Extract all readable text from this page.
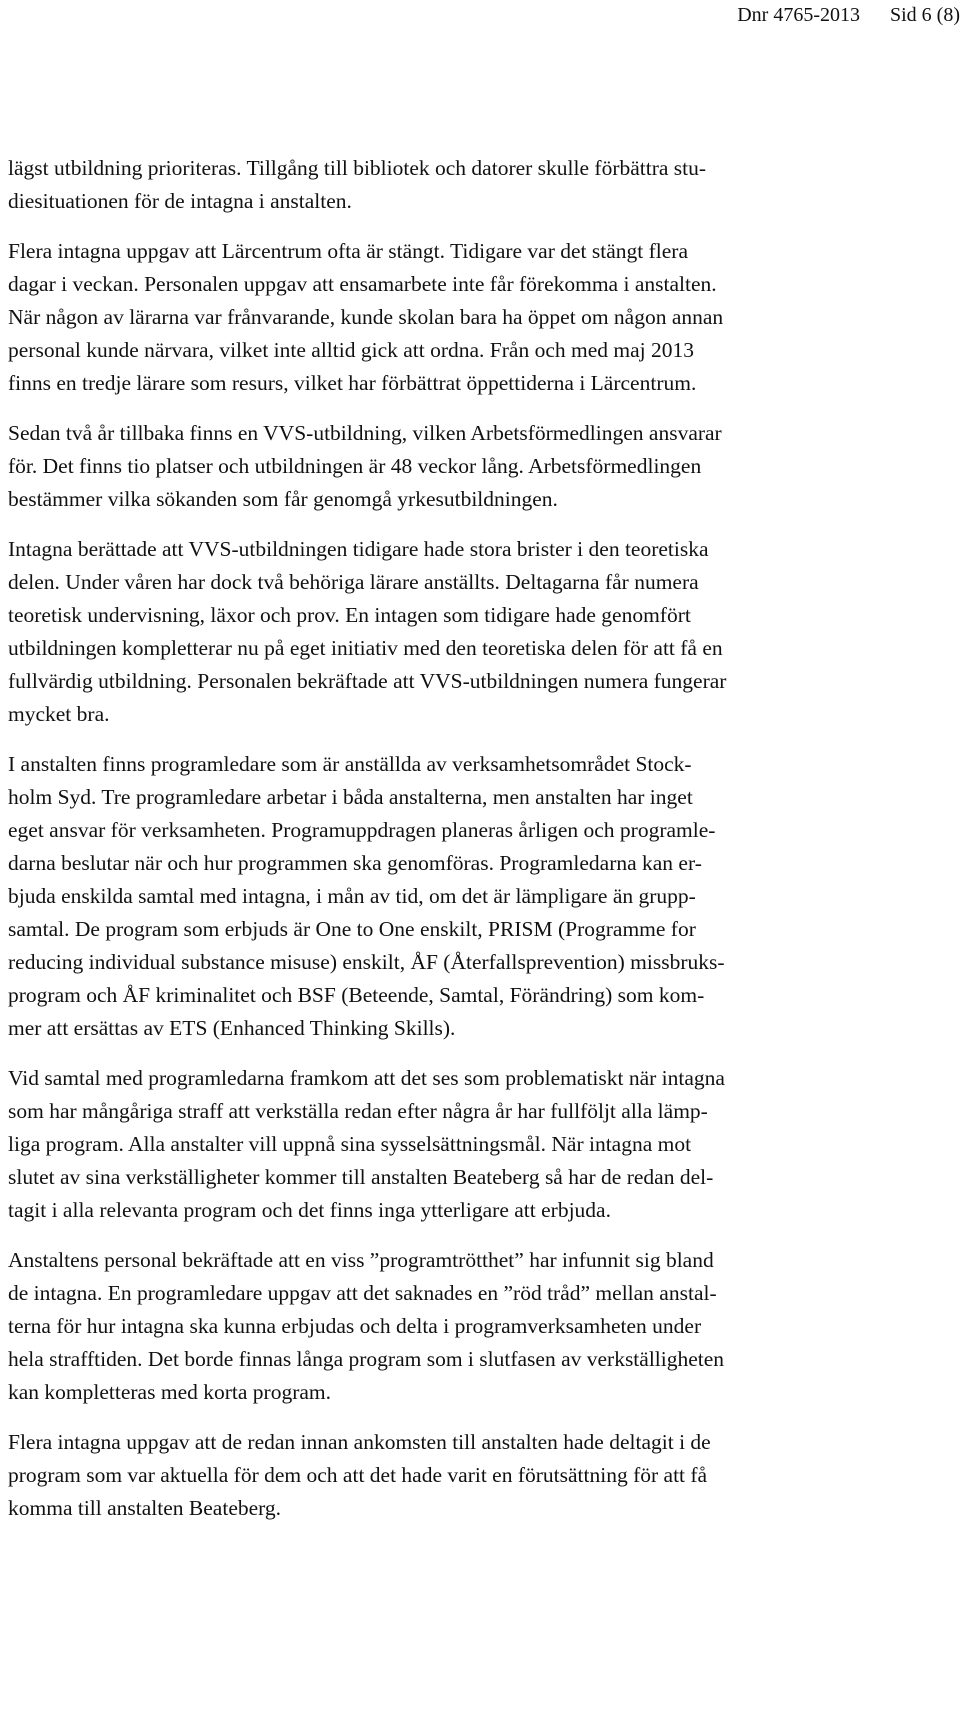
Dnr 4765-2013 Sid 6 (8)

lägst utbildning prioriteras. Tillgång till bibliotek och datorer skulle förbättra stu-
diesituationen för de intagna i anstalten.

Flera intagna uppgav att Lärcentrum ofta är stängt. Tidigare var det stängt flera
dagar i veckan. Personalen uppgav att ensamarbete inte får förekomma i anstalten.
När någon av lärarna var frånvarande, kunde skolan bara ha öppet om någon annan
personal kunde närvara, vilket inte alltid gick att ordna. Från och med maj 2013
finns en tredje lärare som resurs, vilket har förbättrat öppettiderna i Lärcentrum.

Sedan två år tillbaka finns en VVS-utbildning, vilken Arbetsförmedlingen ansvarar
för. Det finns tio platser och utbildningen är 48 veckor lång. Arbetsförmedlingen
bestämmer vilka sökanden som får genomgå yrkesutbildningen.

Intagna berättade att VVS-utbildningen tidigare hade stora brister i den teoretiska
delen. Under våren har dock två behöriga lärare anställts. Deltagarna får numera
teoretisk undervisning, läxor och prov. En intagen som tidigare hade genomfört
utbildningen kompletterar nu på eget initiativ med den teoretiska delen för att få en
fullvärdig utbildning. Personalen bekräftade att VVS-utbildningen numera fungerar
mycket bra.

I anstalten finns programledare som är anställda av verksamhetsområdet Stock-
holm Syd. Tre programledare arbetar i båda anstalterna, men anstalten har inget
eget ansvar för verksamheten. Programuppdragen planeras årligen och programle-
darna beslutar när och hur programmen ska genomföras. Programledarna kan er-
bjuda enskilda samtal med intagna, i mån av tid, om det är lämpligare än grupp-
samtal. De program som erbjuds är One to One enskilt, PRISM (Programme for
reducing individual substance misuse) enskilt, ÅF (Återfallsprevention) missbruks-
program och ÅF kriminalitet och BSF (Beteende, Samtal, Förändring) som kom-
mer att ersättas av ETS (Enhanced Thinking Skills).

Vid samtal med programledarna framkom att det ses som problematiskt när intagna
som har mångåriga straff att verkställa redan efter några år har fullföljt alla lämp-
liga program. Alla anstalter vill uppnå sina sysselsättningsmål. När intagna mot
slutet av sina verkställigheter kommer till anstalten Beateberg så har de redan del-
tagit i alla relevanta program och det finns inga ytterligare att erbjuda.

Anstaltens personal bekräftade att en viss ”programtrötthet” har infunnit sig bland
de intagna. En programledare uppgav att det saknades en ”röd tråd” mellan anstal-
terna för hur intagna ska kunna erbjudas och delta i programverksamheten under
hela strafftiden. Det borde finnas långa program som i slutfasen av verkställigheten
kan kompletteras med korta program.

Flera intagna uppgav att de redan innan ankomsten till anstalten hade deltagit i de
program som var aktuella för dem och att det hade varit en förutsättning för att få
komma till anstalten Beateberg.
